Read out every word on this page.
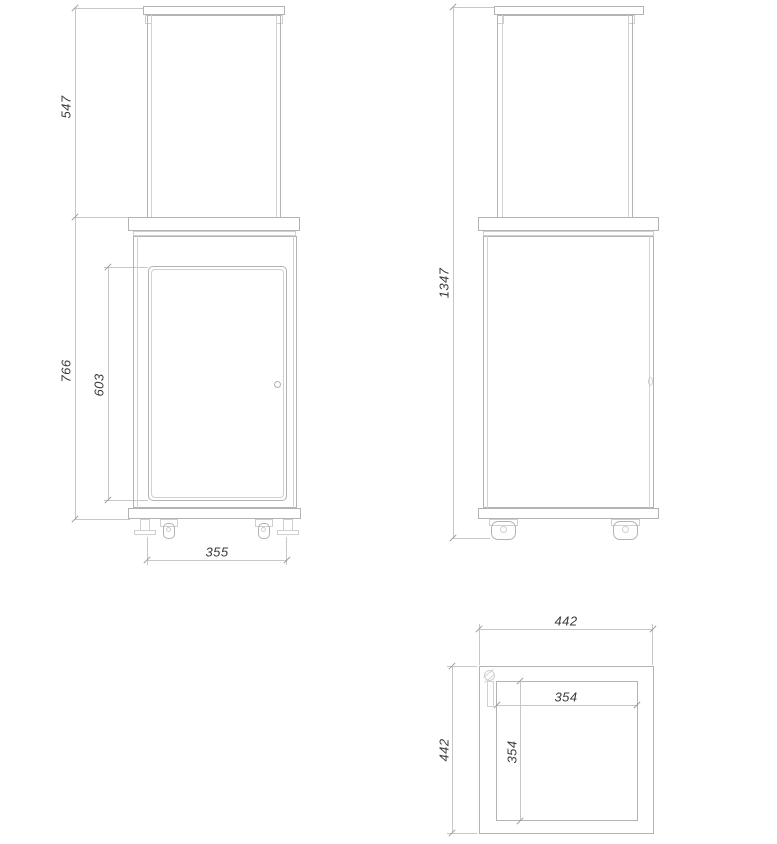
547
766
603
355
1347
442
442
354
354
